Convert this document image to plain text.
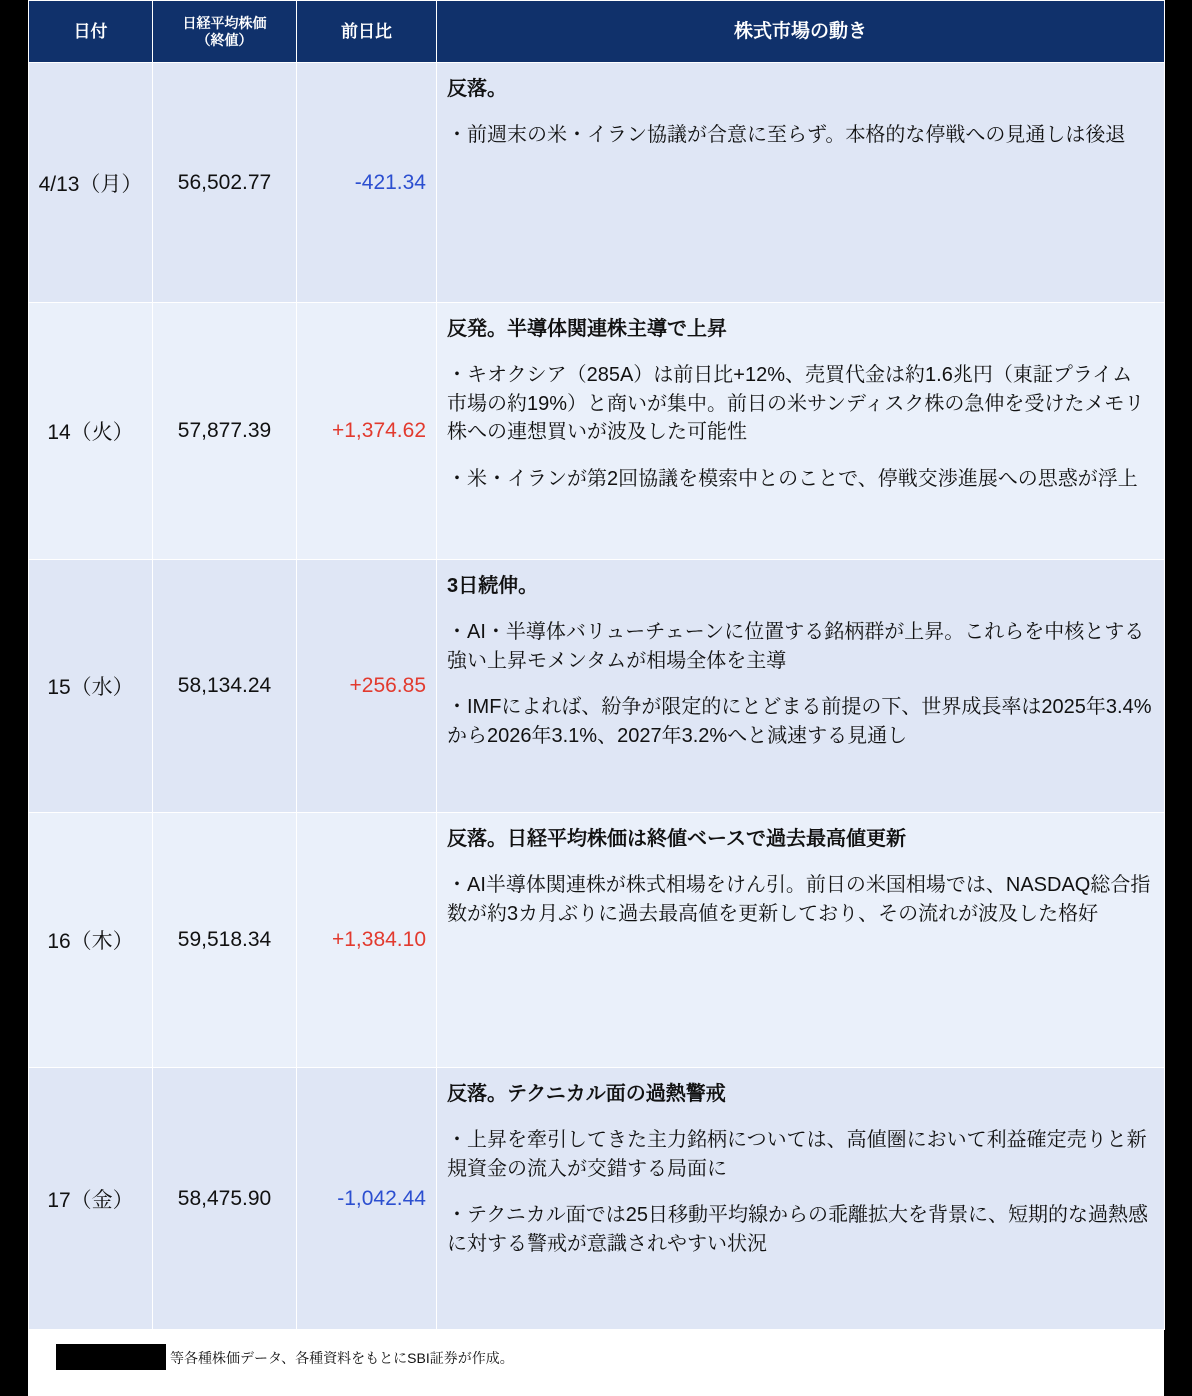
日付	日経平均株価
（終値）	前日比	株式市場の動き
4/13（月）	56,502.77	-421.34	反落。

・前週末の米・イラン協議が合意に至らず。本格的な停戦への見通しは後退

14（火）	57,877.39	+1,374.62	反発。半導体関連株主導で上昇

・キオクシア（285A）は前日比+12%、売買代金は約1.6兆円（東証プライム市場の約19%）と商いが集中。前日の米サンディスク株の急伸を受けたメモリ株への連想買いが波及した可能性

・米・イランが第2回協議を模索中とのことで、停戦交渉進展への思惑が浮上

15（水）	58,134.24	+256.85	3日続伸。

・AI・半導体バリューチェーンに位置する銘柄群が上昇。これらを中核とする強い上昇モメンタムが相場全体を主導

・IMFによれば、紛争が限定的にとどまる前提の下、世界成長率は2025年3.4%から2026年3.1%、2027年3.2%へと減速する見通し

16（木）	59,518.34	+1,384.10	反落。日経平均株価は終値ベースで過去最高値更新

・AI半導体関連株が株式相場をけん引。前日の米国相場では、NASDAQ総合指数が約3カ月ぶりに過去最高値を更新しており、その流れが波及した格好

17（金）	58,475.90	-1,042.44	反落。テクニカル面の過熱警戒

・上昇を牽引してきた主力銘柄については、高値圏において利益確定売りと新規資金の流入が交錯する局面に

・テクニカル面では25日移動平均線からの乖離拡大を背景に、短期的な過熱感に対する警戒が意識されやすい状況

等各種株価データ、各種資料をもとにSBI証券が作成。
